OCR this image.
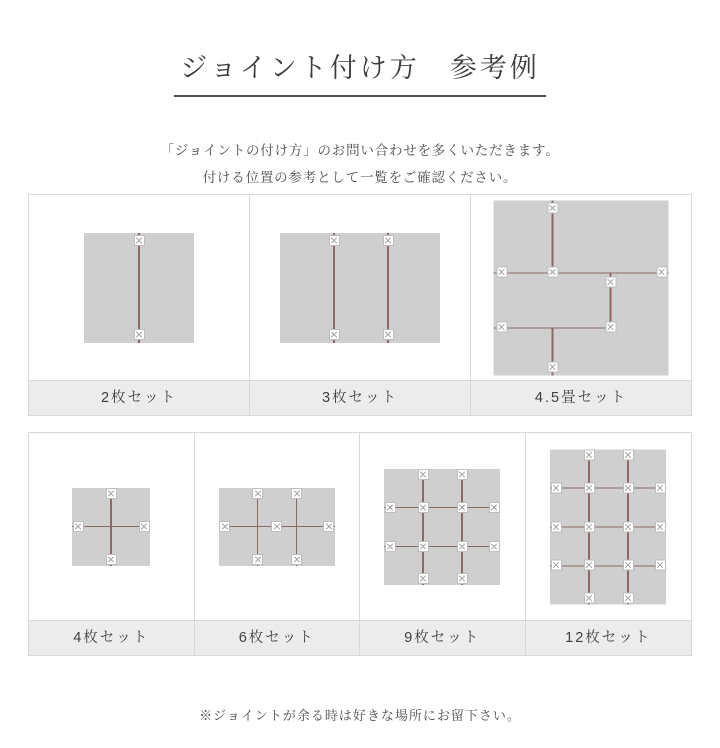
ジョイント付け方　参考例
「ジョイントの付け方」のお問い合わせを多くいただきます。
付ける位置の参考として一覧をご確認ください。
2枚セット	3枚セット	4.5畳セット
4枚セット	6枚セット	9枚セット	12枚セット
※ジョイントが余る時は好きな場所にお留下さい。
